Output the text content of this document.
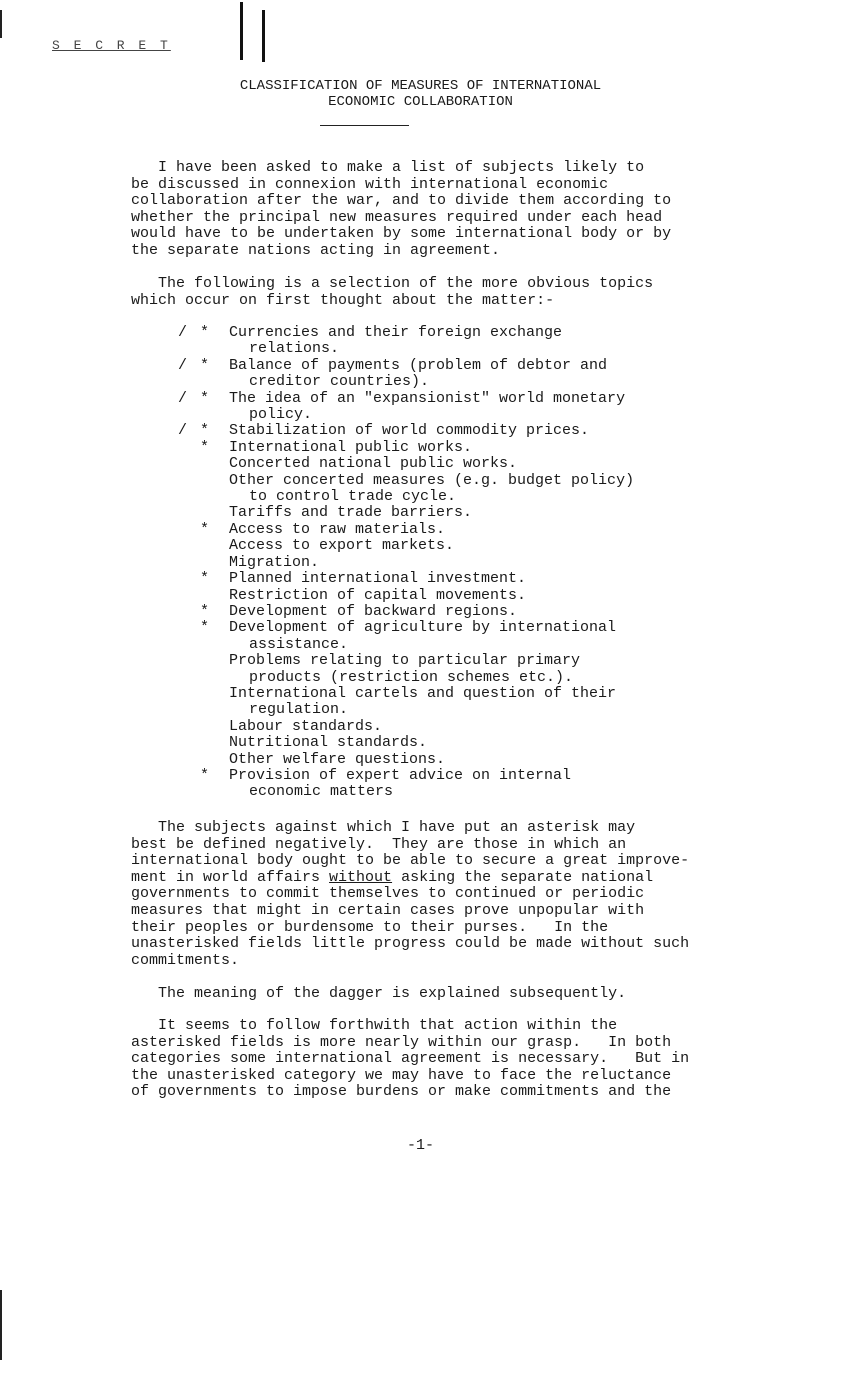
S E C R E T
CLASSIFICATION OF MEASURES OF INTERNATIONAL
ECONOMIC COLLABORATION

I have been asked to make a list of subjects likely to
be discussed in connexion with international economic
collaboration after the war, and to divide them according to
whether the principal new measures required under each head
would have to be undertaken by some international body or by
the separate nations acting in agreement.

The following is a selection of the more obvious topics
which occur on first thought about the matter:-

/ * Currencies and their foreign exchange
relations.
/ * Balance of payments (problem of debtor and
creditor countries).
/ * The idea of an "expansionist" world monetary
policy.
/ * Stabilization of world commodity prices.
* International public works.
Concerted national public works.
Other concerted measures (e.g. budget policy)
to control trade cycle.
Tariffs and trade barriers.
* Access to raw materials.
Access to export markets.
Migration.
* Planned international investment.
Restriction of capital movements.
* Development of backward regions.
* Development of agriculture by international
assistance.
Problems relating to particular primary
products (restriction schemes etc.).
International cartels and question of their
regulation.
Labour standards.
Nutritional standards.
Other welfare questions.
* Provision of expert advice on internal
economic matters

The subjects against which I have put an asterisk may
best be defined negatively.  They are those in which an
international body ought to be able to secure a great improve-
ment in world affairs without asking the separate national
governments to commit themselves to continued or periodic
measures that might in certain cases prove unpopular with
their peoples or burdensome to their purses.   In the
unasterisked fields little progress could be made without such
commitments.

The meaning of the dagger is explained subsequently.

It seems to follow forthwith that action within the
asterisked fields is more nearly within our grasp.   In both
categories some international agreement is necessary.   But in
the unasterisked category we may have to face the reluctance
of governments to impose burdens or make commitments and the

-1-
